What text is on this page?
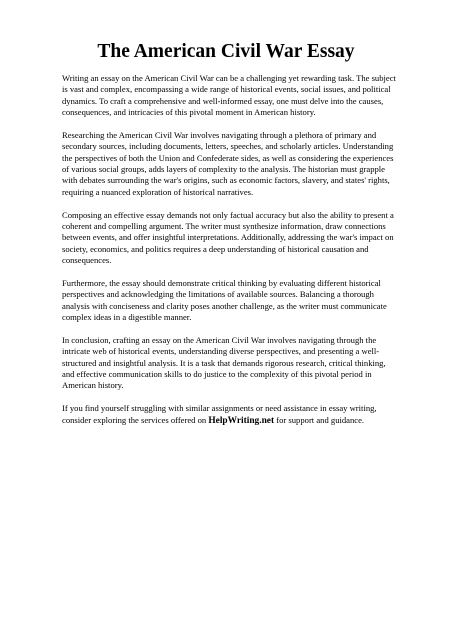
The American Civil War Essay

Writing an essay on the American Civil War can be a challenging yet rewarding task. The subject
is vast and complex, encompassing a wide range of historical events, social issues, and political
dynamics. To craft a comprehensive and well-informed essay, one must delve into the causes,
consequences, and intricacies of this pivotal moment in American history.

Researching the American Civil War involves navigating through a plethora of primary and
secondary sources, including documents, letters, speeches, and scholarly articles. Understanding
the perspectives of both the Union and Confederate sides, as well as considering the experiences
of various social groups, adds layers of complexity to the analysis. The historian must grapple
with debates surrounding the war's origins, such as economic factors, slavery, and states' rights,
requiring a nuanced exploration of historical narratives.

Composing an effective essay demands not only factual accuracy but also the ability to present a
coherent and compelling argument. The writer must synthesize information, draw connections
between events, and offer insightful interpretations. Additionally, addressing the war's impact on
society, economics, and politics requires a deep understanding of historical causation and
consequences.

Furthermore, the essay should demonstrate critical thinking by evaluating different historical
perspectives and acknowledging the limitations of available sources. Balancing a thorough
analysis with conciseness and clarity poses another challenge, as the writer must communicate
complex ideas in a digestible manner.

In conclusion, crafting an essay on the American Civil War involves navigating through the
intricate web of historical events, understanding diverse perspectives, and presenting a well-
structured and insightful analysis. It is a task that demands rigorous research, critical thinking,
and effective communication skills to do justice to the complexity of this pivotal period in
American history.

If you find yourself struggling with similar assignments or need assistance in essay writing,
consider exploring the services offered on HelpWriting.net for support and guidance.
